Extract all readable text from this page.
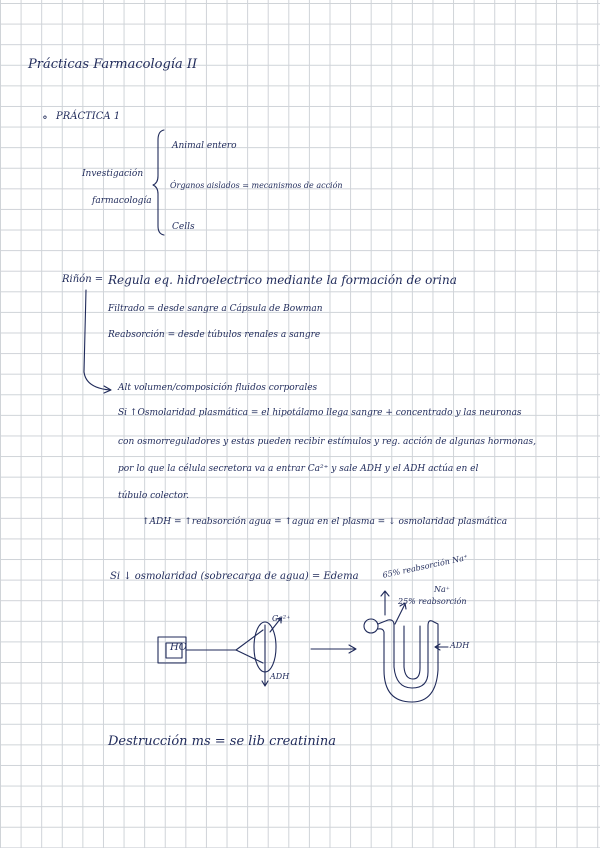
Prácticas Farmacología II
∘ PRÁCTICA 1
Investigación
farmacología
Animal entero
Órganos aislados = mecanismos de acción
Cells
Riñón = Regula eq. hidroelectrico mediante la formación de orina
Filtrado = desde sangre a Cápsula de Bowman
Reabsorción = desde túbulos renales a sangre
Alt volumen/composición fluidos corporales
Si ↑Osmolaridad plasmática = el hipotálamo llega sangre + concentrado y las neuronas
con osmorreguladores y estas pueden recibir estímulos y reg. acción de algunas hormonas,
por lo que la célula secretora va a entrar Ca²⁺ y sale ADH y el ADH actúa en el
túbulo colector.
↑ADH = ↑reabsorción agua = ↑agua en el plasma = ↓ osmolaridad plasmática
Si ↓ osmolaridad (sobrecarga de agua) = Edema
HO
Ca²⁺
ADH
65% reabsorción Na⁺
Na⁺
25% reabsorción
ADH
Destrucción ms = se lib creatinina
